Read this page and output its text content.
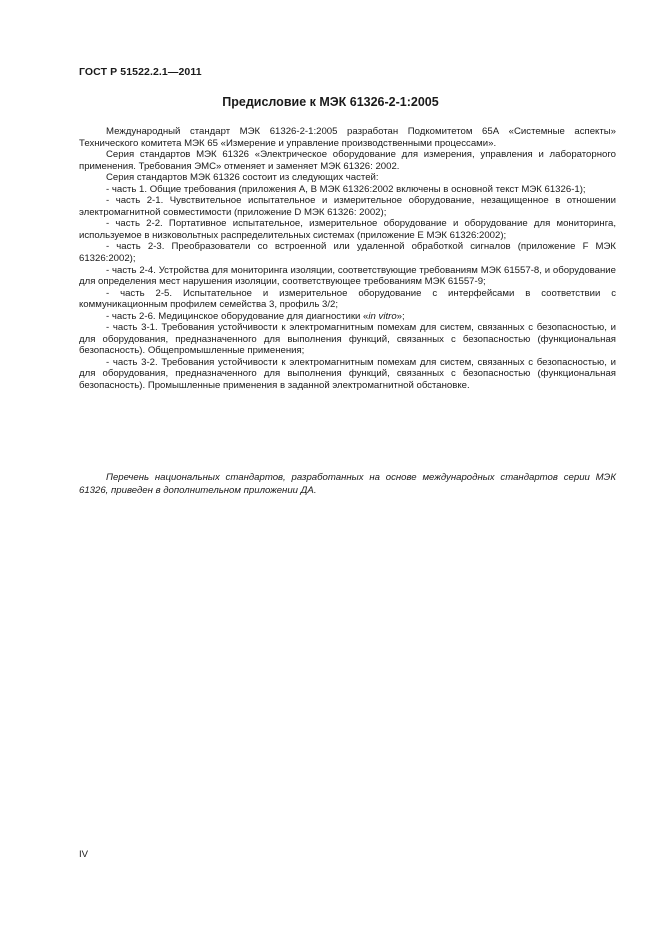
ГОСТ Р 51522.2.1—2011
Предисловие к МЭК 61326-2-1:2005

Международный стандарт МЭК 61326-2-1:2005 разработан Подкомитетом 65А «Системные аспекты» Технического комитета МЭК 65 «Измерение и управление производственными процессами».

Серия стандартов МЭК 61326 «Электрическое оборудование для измерения, управления и лабораторного применения. Требования ЭМС» отменяет и заменяет МЭК 61326: 2002.

Серия стандартов МЭК 61326 состоит из следующих частей:

- часть 1. Общие требования (приложения А, В МЭК 61326:2002 включены в основной текст МЭК 61326-1);

- часть 2-1. Чувствительное испытательное и измерительное оборудование, незащищенное в отношении электромагнитной совместимости (приложение D МЭК 61326: 2002);

- часть 2-2. Портативное испытательное, измерительное оборудование и оборудование для мониторинга, используемое в низковольтных распределительных системах (приложение Е МЭК 61326:2002);

- часть 2-3. Преобразователи со встроенной или удаленной обработкой сигналов (приложение F МЭК 61326:2002);

- часть 2-4. Устройства для мониторинга изоляции, соответствующие требованиям МЭК 61557-8, и оборудование для определения мест нарушения изоляции, соответствующее требованиям МЭК 61557-9;

- часть 2-5. Испытательное и измерительное оборудование с интерфейсами в соответствии с коммуникационным профилем семейства 3, профиль 3/2;

- часть 2-6. Медицинское оборудование для диагностики «in vitro»;

- часть 3-1. Требования устойчивости к электромагнитным помехам для систем, связанных с безопасностью, и для оборудования, предназначенного для выполнения функций, связанных с безопасностью (функциональная безопасность). Общепромышленные применения;

- часть 3-2. Требования устойчивости к электромагнитным помехам для систем, связанных с безопасностью, и для оборудования, предназначенного для выполнения функций, связанных с безопасностью (функциональная безопасность). Промышленные применения в заданной электромагнитной обстановке.

Перечень национальных стандартов, разработанных на основе международных стандартов серии МЭК 61326, приведен в дополнительном приложении ДА.

IV
